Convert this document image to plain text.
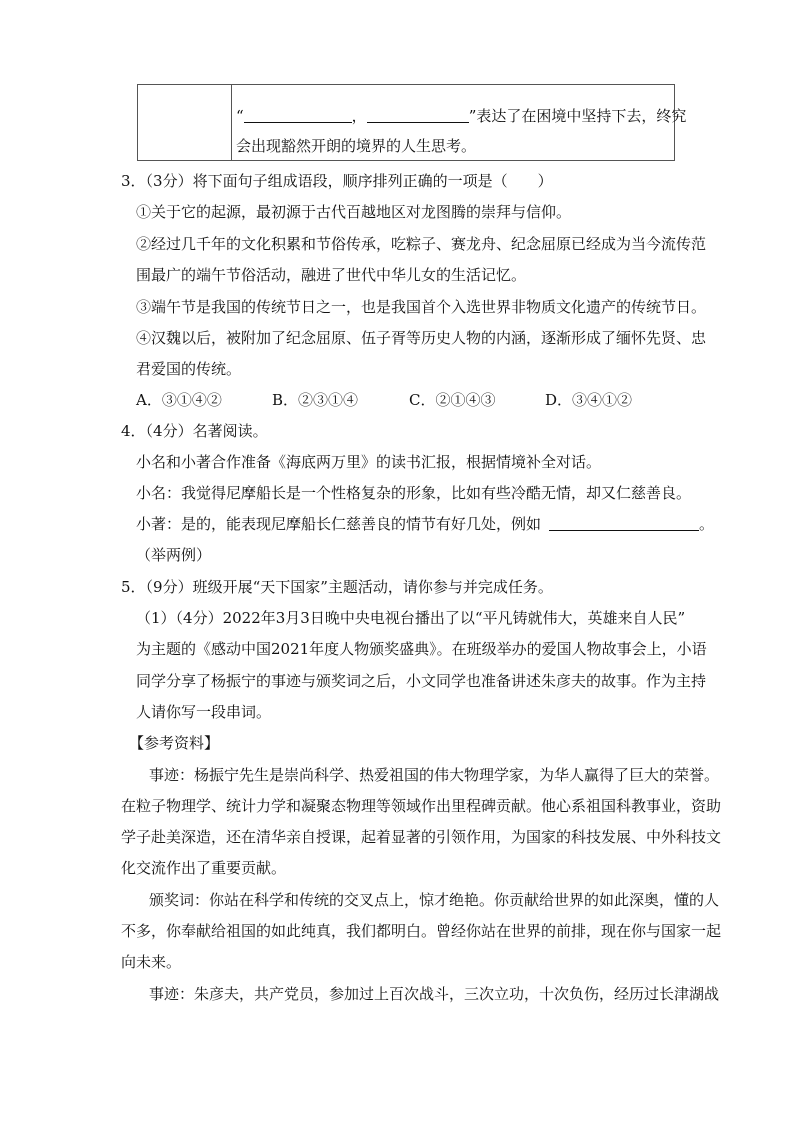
“	，	”表达了在困境中坚持下去，终究
会出现豁然开朗的境界的人生思考。
3．（3分）将下面句子组成语段，顺序排列正确的一项是（　　）
①关于它的起源，最初源于古代百越地区对龙图腾的崇拜与信仰。
②经过几千年的文化积累和节俗传承，吃粽子、赛龙舟、纪念屈原已经成为当今流传范
围最广的端午节俗活动，融进了世代中华儿女的生活记忆。
③端午节是我国的传统节日之一，也是我国首个入选世界非物质文化遗产的传统节日。
④汉魏以后，被附加了纪念屈原、伍子胥等历史人物的内涵，逐渐形成了缅怀先贤、忠
君爱国的传统。
A．③①④②	B．②③①④	C．②①④③	D．③④①②
4．（4分）名著阅读。
小名和小著合作准备《海底两万里》的读书汇报，根据情境补全对话。
小名：我觉得尼摩船长是一个性格复杂的形象，比如有些冷酷无情，却又仁慈善良。
小著：是的，能表现尼摩船长仁慈善良的情节有好几处，例如	。
（举两例）
5．（9分）班级开展“天下国家”主题活动，请你参与并完成任务。
（1）（4分）2022年3月3日晚中央电视台播出了以“平凡铸就伟大，英雄来自人民”
为主题的《感动中国2021年度人物颁奖盛典》。在班级举办的爱国人物故事会上，小语
同学分享了杨振宁的事迹与颁奖词之后，小文同学也准备讲述朱彦夫的故事。作为主持
人请你写一段串词。
【参考资料】
事迹：杨振宁先生是崇尚科学、热爱祖国的伟大物理学家，为华人赢得了巨大的荣誉。
在粒子物理学、统计力学和凝聚态物理等领域作出里程碑贡献。他心系祖国科教事业，资助
学子赴美深造，还在清华亲自授课，起着显著的引领作用，为国家的科技发展、中外科技文
化交流作出了重要贡献。
颁奖词：你站在科学和传统的交叉点上，惊才绝艳。你贡献给世界的如此深奥，懂的人
不多，你奉献给祖国的如此纯真，我们都明白。曾经你站在世界的前排，现在你与国家一起
向未来。
事迹：朱彦夫，共产党员，参加过上百次战斗，三次立功，十次负伤，经历过长津湖战
